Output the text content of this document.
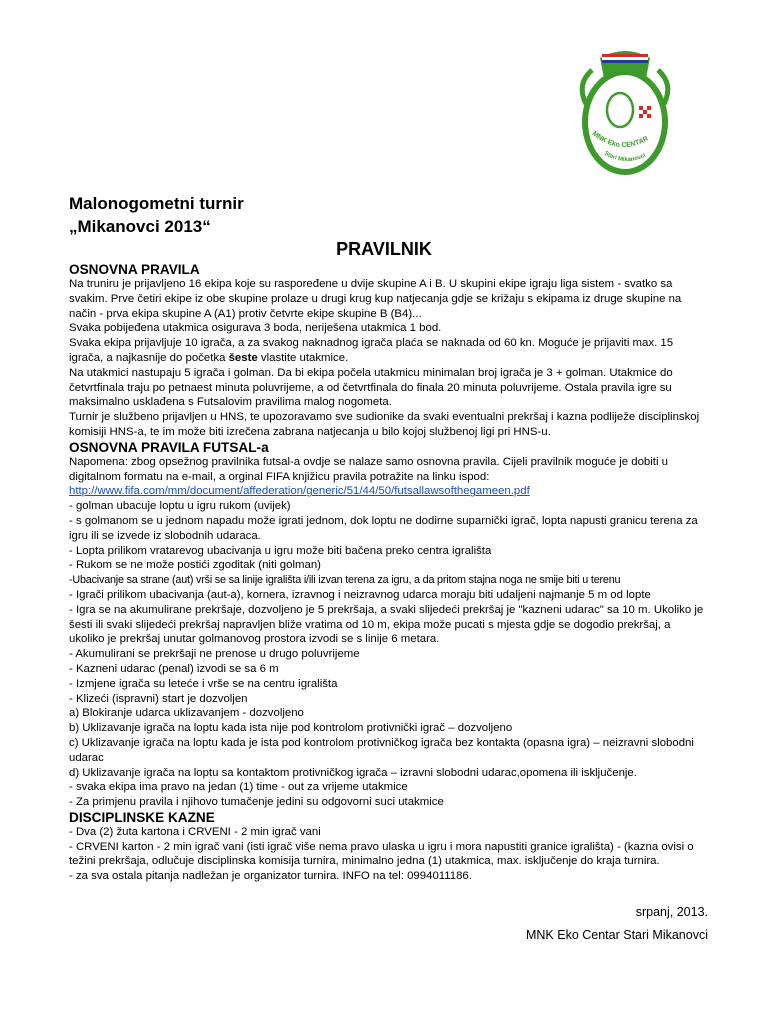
MNK Eko CENTAR
Stari Mikanovci
Malonogometni turnir
„Mikanovci 2013“
PRAVILNIK

OSNOVNA PRAVILA

Na truniru je prijavljeno 16 ekipa koje su raspoređene u dvije skupine A i B. U skupini ekipe igraju liga sistem - svatko sa svakim. Prve četiri ekipe iz obe skupine prolaze u drugi krug kup natjecanja gdje se križaju s ekipama iz druge skupine na način - prva ekipa skupine A (A1) protiv četvrte ekipe skupine B (B4)...

Svaka pobijeđena utakmica osigurava 3 boda, neriješena utakmica 1 bod.

Svaka ekipa prijavljuje 10 igrača, a za svakog naknadnog igrača plaća se naknada od 60 kn. Moguće je prijaviti max. 15 igrača, a najkasnije do početka šeste vlastite utakmice.

Na utakmici nastupaju 5 igrača i golman. Da bi ekipa počela utakmicu minimalan broj igrača je 3 + golman. Utakmice do četvrtfinala traju po petnaest minuta poluvrijeme, a od četvrtfinala do finala 20 minuta poluvrijeme. Ostala pravila igre su maksimalno usklađena s Futsalovim pravilima malog nogometa.

Turnir je službeno prijavljen u HNS, te upozoravamo sve sudionike da svaki eventualni prekršaj i kazna podliježe disciplinskoj komisiji HNS-a, te im može biti izrečena zabrana natjecanja u bilo kojoj službenoj ligi pri HNS-u.

OSNOVNA PRAVILA FUTSAL-a

Napomena: zbog opsežnog pravilnika futsal-a ovdje se nalaze samo osnovna pravila. Cijeli pravilnik moguće je dobiti u digitalnom formatu na e-mail, a orginal FIFA knjižicu pravila potražite na linku ispod:

http://www.fifa.com/mm/document/affederation/generic/51/44/50/futsallawsofthegameen.pdf

- golman ubacuje loptu u igru rukom (uvijek)

- s golmanom se u jednom napadu može igrati jednom, dok loptu ne dodirne suparnički igrač, lopta napusti granicu terena za igru ili se izvede iz slobodnih udaraca.

- Lopta prilikom vratarevog ubacivanja u igru može biti bačena preko centra igrališta

- Rukom se ne može postići zgoditak (niti golman)

-Ubacivanje sa strane (aut) vrši se sa linije igrališta i/ili izvan terena za igru, a da pritom stajna noga ne smije biti u terenu

- Igrači prilikom ubacivanja (aut-a), kornera, izravnog i neizravnog udarca moraju biti udaljeni najmanje 5 m od lopte

- Igra se na akumulirane prekršaje, dozvoljeno je 5 prekršaja, a svaki slijedeći prekršaj je "kazneni udarac" sa 10 m. Ukoliko je šesti ili svaki slijedeći prekršaj napravljen bliže vratima od 10 m, ekipa može pucati s mjesta gdje se dogodio prekršaj, a ukoliko je prekršaj unutar golmanovog prostora izvodi se s linije 6 metara.

- Akumulirani se prekršaji ne prenose u drugo poluvrijeme

- Kazneni udarac (penal) izvodi se sa 6 m

- Izmjene igrača su leteće i vrše se na centru igrališta

- Klizeći (ispravni) start je dozvoljen

a) Blokiranje udarca uklizavanjem - dozvoljeno

b) Uklizavanje igrača na loptu kada ista nije pod kontrolom protivnički igrač – dozvoljeno

c) Uklizavanje igrača na loptu kada je ista pod kontrolom protivničkog igrača bez kontakta (opasna igra) – neizravni slobodni udarac

d) Uklizavanje igrača na loptu sa kontaktom protivničkog igrača – izravni slobodni udarac,opomena ili isključenje.

- svaka ekipa ima pravo na jedan (1) time - out za vrijeme utakmice

- Za primjenu pravila i njihovo tumačenje jedini su odgovorni suci utakmice

DISCIPLINSKE KAZNE

- Dva (2) žuta kartona i CRVENI - 2 min igrač vani

- CRVENI karton - 2 min igrač vani (isti igrač više nema pravo ulaska u igru i mora napustiti granice igrališta) - (kazna ovisi o težini prekršaja, odlučuje disciplinska komisija turnira, minimalno jedna (1) utakmica, max. isključenje do kraja turnira.

- za sva ostala pitanja nadležan je organizator turnira. INFO na tel: 0994011186.

srpanj, 2013.
MNK Eko Centar Stari Mikanovci
